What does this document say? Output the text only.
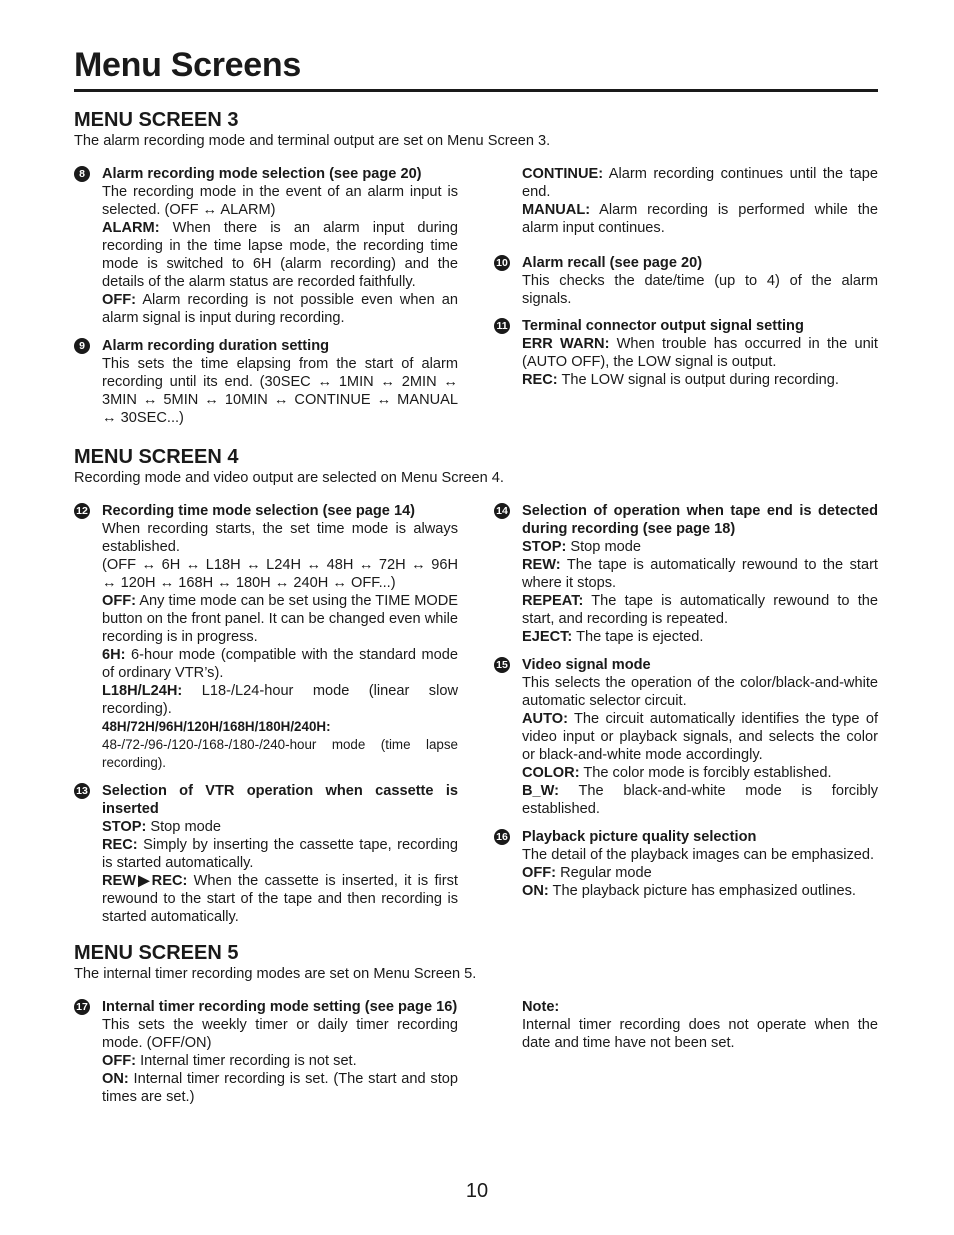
Menu Screens
MENU SCREEN 3

The alarm recording mode and terminal output are set on Menu Screen 3.

8	Alarm recording mode selection (see page 20)

The recording mode in the event of an alarm input is selected. (OFF ↔ ALARM)

ALARM: When there is an alarm input during recording in the time lapse mode, the recording time mode is switched to 6H (alarm recording) and the details of the alarm status are recorded faithfully.

OFF: Alarm recording is not possible even when an alarm signal is input during recording.

9	Alarm recording duration setting

This sets the time elapsing from the start of alarm recording until its end. (30SEC ↔ 1MIN ↔ 2MIN ↔ 3MIN ↔ 5MIN ↔ 10MIN ↔ CONTINUE ↔ MANUAL ↔ 30SEC...)

CONTINUE: Alarm recording continues until the tape end.

MANUAL: Alarm recording is performed while the alarm input continues.

10 Alarm recall (see page 20)

This checks the date/time (up to 4) of the alarm signals.

11 Terminal connector output signal setting

ERR WARN: When trouble has occurred in the unit (AUTO OFF), the LOW signal is output.

REC: The LOW signal is output during recording.

MENU SCREEN 4

Recording mode and video output are selected on Menu Screen 4.

12 Recording time mode selection (see page 14)

When recording starts, the set time mode is always established.

(OFF ↔ 6H ↔ L18H ↔ L24H ↔ 48H ↔ 72H ↔ 96H ↔ 120H ↔ 168H ↔ 180H ↔ 240H ↔ OFF...)

OFF: Any time mode can be set using the TIME MODE button on the front panel. It can be changed even while recording is in progress.

6H: 6-hour mode (compatible with the standard mode of ordinary VTR’s).

L18H/L24H: L18-/L24-hour mode (linear slow recording).

48H/72H/96H/120H/168H/180H/240H: 48-/72-/96-/120-/168-/180-/240-hour mode (time lapse recording).

13 Selection of VTR operation when cassette is inserted

STOP: Stop mode

REC: Simply by inserting the cassette tape, recording is started automatically.

REW▶REC: When the cassette is inserted, it is first rewound to the start of the tape and then recording is started automatically.

14 Selection of operation when tape end is detected during recording (see page 18)

STOP: Stop mode

REW: The tape is automatically rewound to the start where it stops.

REPEAT: The tape is automatically rewound to the start, and recording is repeated.

EJECT: The tape is ejected.

15 Video signal mode

This selects the operation of the color/black-and-white automatic selector circuit.

AUTO: The circuit automatically identifies the type of video input or playback signals, and selects the color or black-and-white mode accordingly.

COLOR: The color mode is forcibly established.

B_W: The black-and-white mode is forcibly established.

16 Playback picture quality selection

The detail of the playback images can be emphasized.

OFF: Regular mode

ON: The playback picture has emphasized outlines.

MENU SCREEN 5

The internal timer recording modes are set on Menu Screen 5.

17 Internal timer recording mode setting (see page 16)

This sets the weekly timer or daily timer recording mode. (OFF/ON)

OFF: Internal timer recording is not set.

ON: Internal timer recording is set. (The start and stop times are set.)

Note:

Internal timer recording does not operate when the date and time have not been set.

10
